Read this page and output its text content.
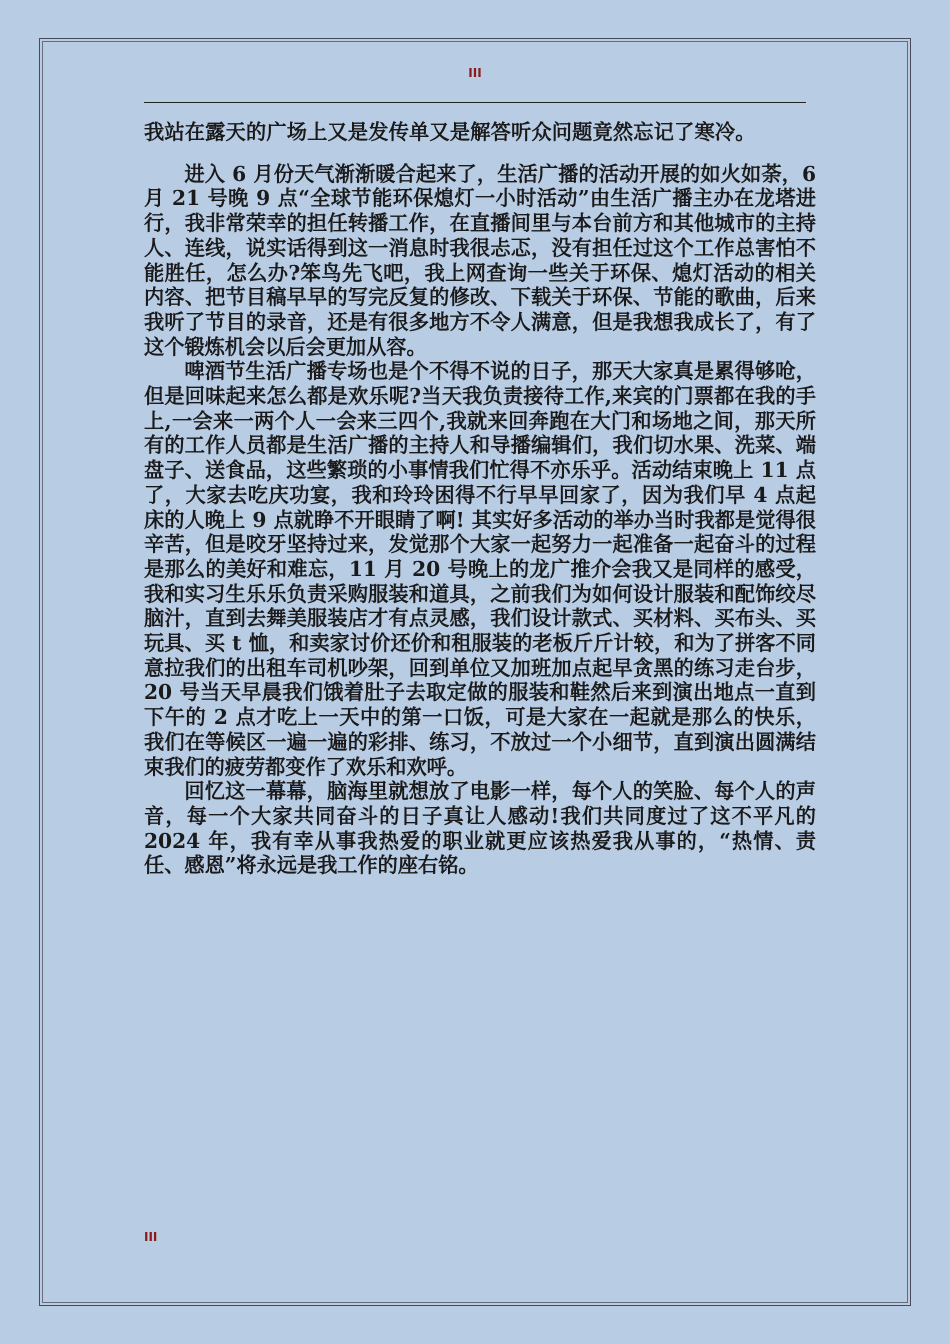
III

我站在露天的广场上又是发传单又是解答听众问题竟然忘记了寒冷。

进入 6 月份天气渐渐暖合起来了，生活广播的活动开展的如火如荼，6 月 21 号晚 9 点“全球节能环保熄灯一小时活动”由生活广播主办在龙塔进行，我非常荣幸的担任转播工作，在直播间里与本台前方和其他城市的主持人、连线，说实话得到这一消息时我很忐忑，没有担任过这个工作总害怕不能胜任，怎么办?笨鸟先飞吧，我上网查询一些关于环保、熄灯活动的相关内容、把节目稿早早的写完反复的修改、下载关于环保、节能的歌曲，后来我听了节目的录音，还是有很多地方不令人满意，但是我想我成长了，有了这个锻炼机会以后会更加从容。

啤酒节生活广播专场也是个不得不说的日子，那天大家真是累得够呛，但是回味起来怎么都是欢乐呢?当天我负责接待工作,来宾的门票都在我的手上,一会来一两个人一会来三四个,我就来回奔跑在大门和场地之间，那天所有的工作人员都是生活广播的主持人和导播编辑们，我们切水果、洗菜、端盘子、送食品，这些繁琐的小事情我们忙得不亦乐乎。活动结束晚上 11 点了，大家去吃庆功宴，我和玲玲困得不行早早回家了，因为我们早 4 点起床的人晚上 9 点就睁不开眼睛了啊! 其实好多活动的举办当时我都是觉得很辛苦，但是咬牙坚持过来，发觉那个大家一起努力一起准备一起奋斗的过程是那么的美好和难忘，11 月 20 号晚上的龙广推介会我又是同样的感受，我和实习生乐乐负责采购服装和道具，之前我们为如何设计服装和配饰绞尽脑汁，直到去舞美服装店才有点灵感，我们设计款式、买材料、买布头、买玩具、买 t 恤，和卖家讨价还价和租服装的老板斤斤计较，和为了拼客不同意拉我们的出租车司机吵架，回到单位又加班加点起早贪黑的练习走台步，20 号当天早晨我们饿着肚子去取定做的服装和鞋然后来到演出地点一直到下午的 2 点才吃上一天中的第一口饭，可是大家在一起就是那么的快乐，我们在等候区一遍一遍的彩排、练习，不放过一个小细节，直到演出圆满结束我们的疲劳都变作了欢乐和欢呼。

回忆这一幕幕，脑海里就想放了电影一样，每个人的笑脸、每个人的声音，每一个大家共同奋斗的日子真让人感动!我们共同度过了这不平凡的 2024 年，我有幸从事我热爱的职业就更应该热爱我从事的，“热情、责任、感恩”将永远是我工作的座右铭。

III
